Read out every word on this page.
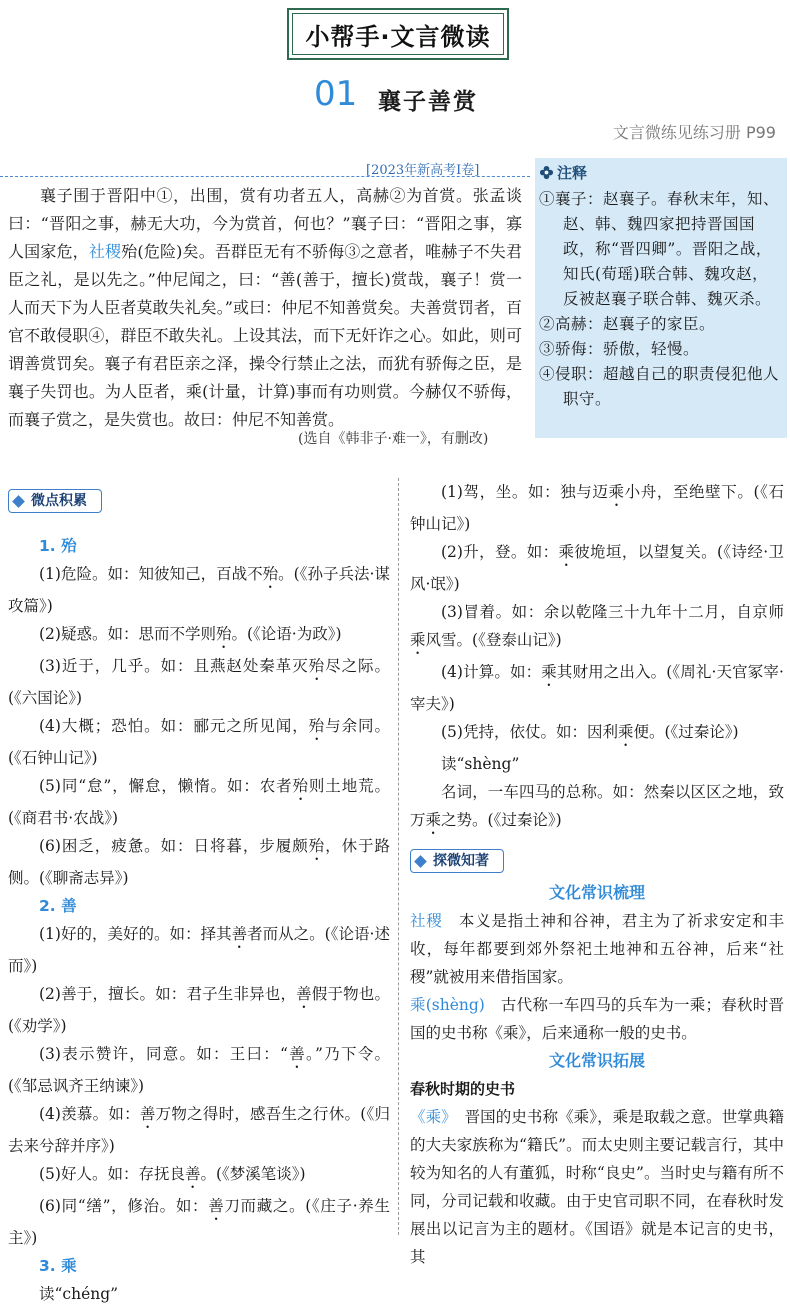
小帮手·文言微读
01 襄子善赏
文言微练见练习册 P99
[2023年新高考Ⅰ卷]

襄子围于晋阳中①，出围，赏有功者五人，高赫②为首赏。张孟谈曰：“晋阳之事，赫无大功，今为赏首，何也？”襄子曰：“晋阳之事，寡人国家危，社稷殆(危险)矣。吾群臣无有不骄侮③之意者，唯赫子不失君臣之礼，是以先之。”仲尼闻之，曰：“善(善于，擅长)赏哉，襄子！赏一人而天下为人臣者莫敢失礼矣。”或曰：仲尼不知善赏矣。夫善赏罚者，百官不敢侵职④，群臣不敢失礼。上设其法，而下无奸诈之心。如此，则可谓善赏罚矣。襄子有君臣亲之泽，操令行禁止之法，而犹有骄侮之臣，是襄子失罚也。为人臣者，乘(计量，计算)事而有功则赏。今赫仅不骄侮，而襄子赏之，是失赏也。故曰：仲尼不知善赏。

(选自《韩非子·难一》，有删改)
注释
①襄子：赵襄子。春秋末年，知、赵、韩、魏四家把持晋国国政，称“晋四卿”。晋阳之战，知氏(荀瑶)联合韩、魏攻赵，反被赵襄子联合韩、魏灭杀。
②高赫：赵襄子的家臣。
③骄侮：骄傲，轻慢。
④侵职：超越自己的职责侵犯他人职守。
微点积累

1. 殆

(1)危险。如：知彼知己，百战不殆。(《孙子兵法·谋攻篇》)

(2)疑惑。如：思而不学则殆。(《论语·为政》)

(3)近于，几乎。如：且燕赵处秦革灭殆尽之际。(《六国论》)

(4)大概；恐怕。如：郦元之所见闻，殆与余同。(《石钟山记》)

(5)同“怠”，懈怠，懒惰。如：农者殆则土地荒。(《商君书·农战》)

(6)困乏，疲惫。如：日将暮，步履颇殆，休于路侧。(《聊斋志异》)

2. 善

(1)好的，美好的。如：择其善者而从之。(《论语·述而》)

(2)善于，擅长。如：君子生非异也，善假于物也。(《劝学》)

(3)表示赞许，同意。如：王曰：“善。”乃下令。(《邹忌讽齐王纳谏》)

(4)羡慕。如：善万物之得时，感吾生之行休。(《归去来兮辞并序》)

(5)好人。如：存抚良善。(《梦溪笔谈》)

(6)同“缮”，修治。如：善刀而藏之。(《庄子·养生主》)

3. 乘

读“chéng”

(1)驾，坐。如：独与迈乘小舟，至绝壁下。(《石钟山记》)

(2)升，登。如：乘彼垝垣，以望复关。(《诗经·卫风·氓》)

(3)冒着。如：余以乾隆三十九年十二月，自京师乘风雪。(《登泰山记》)

(4)计算。如：乘其财用之出入。(《周礼·天官冢宰·宰夫》)

(5)凭持，依仗。如：因利乘便。(《过秦论》)

读“shèng”

名词，一车四马的总称。如：然秦以区区之地，致万乘之势。(《过秦论》)

探微知著

文化常识梳理

社稷　 本义是指土神和谷神，君主为了祈求安定和丰收，每年都要到郊外祭祀土地神和五谷神，后来“社稷”就被用来借指国家。

乘(shèng)　 古代称一车四马的兵车为一乘；春秋时晋国的史书称《乘》，后来通称一般的史书。

文化常识拓展

春秋时期的史书

《乘》　 晋国的史书称《乘》，乘是取载之意。世掌典籍的大夫家族称为“籍氏”。而太史则主要记载言行，其中较为知名的人有董狐，时称“良史”。当时史与籍有所不同，分司记载和收藏。由于史官司职不同，在春秋时发展出以记言为主的题材。《国语》就是本记言的史书，其
